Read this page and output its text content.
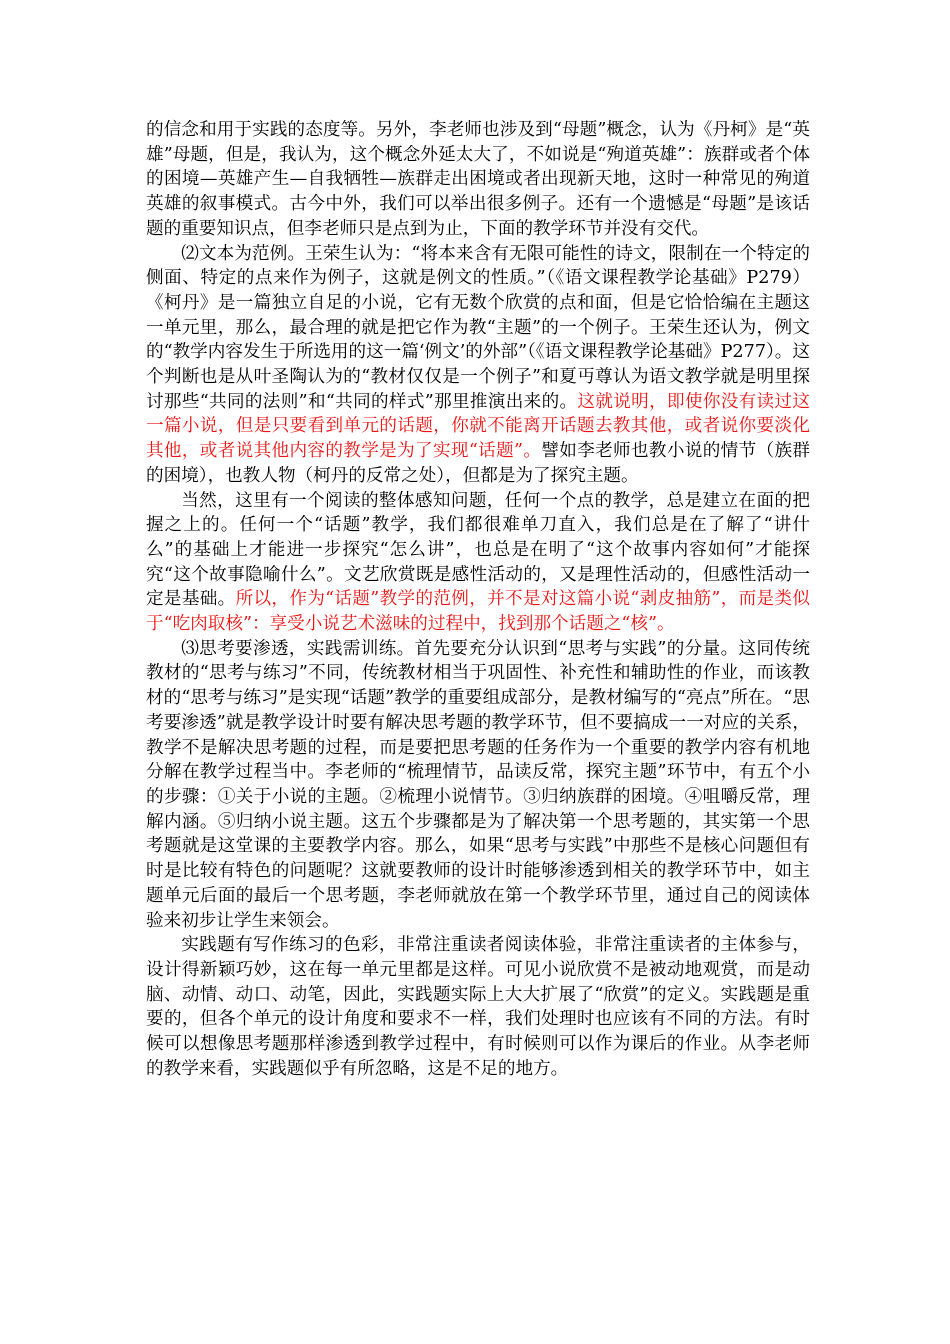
的信念和用于实践的态度等。另外，李老师也涉及到“母题”概念，认为《丹柯》是“英雄”母题，但是，我认为，这个概念外延太大了，不如说是“殉道英雄”：族群或者个体的困境—英雄产生—自我牺牲—族群走出困境或者出现新天地，这时一种常见的殉道英雄的叙事模式。古今中外，我们可以举出很多例子。还有一个遗憾是“母题”是该话题的重要知识点，但李老师只是点到为止，下面的教学环节并没有交代。

⑵文本为范例。王荣生认为：“将本来含有无限可能性的诗文，限制在一个特定的侧面、特定的点来作为例子，这就是例文的性质。”（《语文课程教学论基础》P279）《柯丹》是一篇独立自足的小说，它有无数个欣赏的点和面，但是它恰恰编在主题这一单元里，那么，最合理的就是把它作为教“主题”的一个例子。王荣生还认为，例文的“教学内容发生于所选用的这一篇‘例文’的外部”（《语文课程教学论基础》P277）。这个判断也是从叶圣陶认为的“教材仅仅是一个例子”和夏丏尊认为语文教学就是明里探讨那些“共同的法则”和“共同的样式”那里推演出来的。这就说明，即使你没有读过这一篇小说，但是只要看到单元的话题，你就不能离开话题去教其他，或者说你要淡化其他，或者说其他内容的教学是为了实现“话题”。譬如李老师也教小说的情节（族群的困境），也教人物（柯丹的反常之处），但都是为了探究主题。

当然，这里有一个阅读的整体感知问题，任何一个点的教学，总是建立在面的把握之上的。任何一个“话题”教学，我们都很难单刀直入，我们总是在了解了“讲什么”的基础上才能进一步探究“怎么讲”，也总是在明了“这个故事内容如何”才能探究“这个故事隐喻什么”。文艺欣赏既是感性活动的，又是理性活动的，但感性活动一定是基础。所以，作为“话题”教学的范例，并不是对这篇小说“剥皮抽筋”，而是类似于“吃肉取核”：享受小说艺术滋味的过程中，找到那个话题之“核”。

⑶思考要渗透，实践需训练。首先要充分认识到“思考与实践”的分量。这同传统教材的“思考与练习”不同，传统教材相当于巩固性、补充性和辅助性的作业，而该教材的“思考与练习”是实现“话题”教学的重要组成部分，是教材编写的“亮点”所在。“思考要渗透”就是教学设计时要有解决思考题的教学环节，但不要搞成一一对应的关系，教学不是解决思考题的过程，而是要把思考题的任务作为一个重要的教学内容有机地分解在教学过程当中。李老师的“梳理情节，品读反常，探究主题”环节中，有五个小的步骤：①关于小说的主题。②梳理小说情节。③归纳族群的困境。④咀嚼反常，理解内涵。⑤归纳小说主题。这五个步骤都是为了解决第一个思考题的，其实第一个思考题就是这堂课的主要教学内容。那么，如果“思考与实践”中那些不是核心问题但有时是比较有特色的问题呢？这就要教师的设计时能够渗透到相关的教学环节中，如主题单元后面的最后一个思考题，李老师就放在第一个教学环节里，通过自己的阅读体验来初步让学生来领会。

实践题有写作练习的色彩，非常注重读者阅读体验，非常注重读者的主体参与，设计得新颖巧妙，这在每一单元里都是这样。可见小说欣赏不是被动地观赏，而是动脑、动情、动口、动笔，因此，实践题实际上大大扩展了“欣赏”的定义。实践题是重要的，但各个单元的设计角度和要求不一样，我们处理时也应该有不同的方法。有时候可以想像思考题那样渗透到教学过程中，有时候则可以作为课后的作业。从李老师的教学来看，实践题似乎有所忽略，这是不足的地方。
